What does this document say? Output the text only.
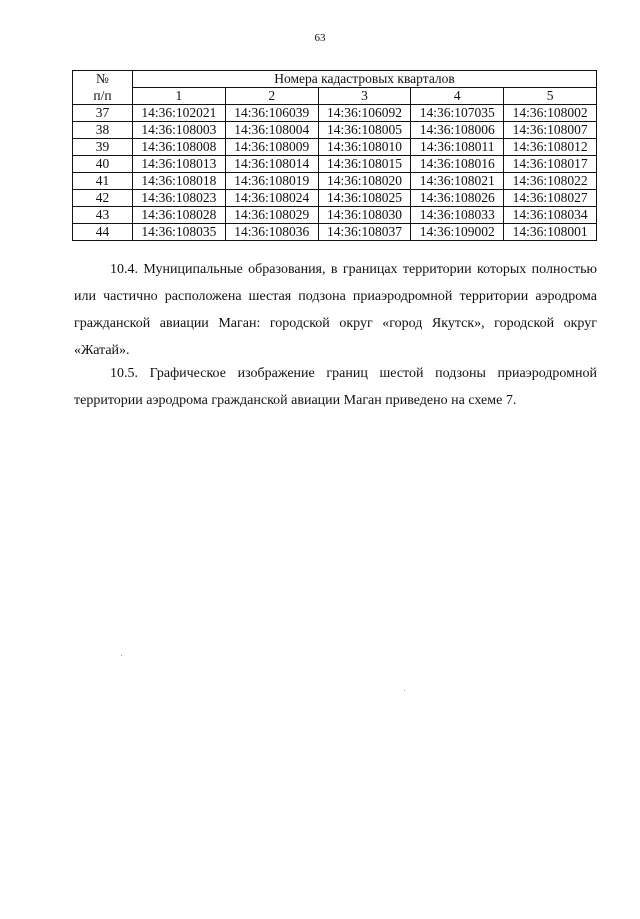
63
№	Номера кадастровых кварталов				
п/п	1	2	3	4	5
37	14:36:102021	14:36:106039	14:36:106092	14:36:107035	14:36:108002
38	14:36:108003	14:36:108004	14:36:108005	14:36:108006	14:36:108007
39	14:36:108008	14:36:108009	14:36:108010	14:36:108011	14:36:108012
40	14:36:108013	14:36:108014	14:36:108015	14:36:108016	14:36:108017
41	14:36:108018	14:36:108019	14:36:108020	14:36:108021	14:36:108022
42	14:36:108023	14:36:108024	14:36:108025	14:36:108026	14:36:108027
43	14:36:108028	14:36:108029	14:36:108030	14:36:108033	14:36:108034
44	14:36:108035	14:36:108036	14:36:108037	14:36:109002	14:36:108001

10.4. Муниципальные образования, в границах территории которых полностью или частично расположена шестая подзона приаэродромной территории аэродрома гражданской авиации Маган: городской округ «город Якутск», городской округ «Жатай».

10.5. Графическое изображение границ шестой подзоны приаэродромной территории аэродрома гражданской авиации Маган приведено на схеме 7.
